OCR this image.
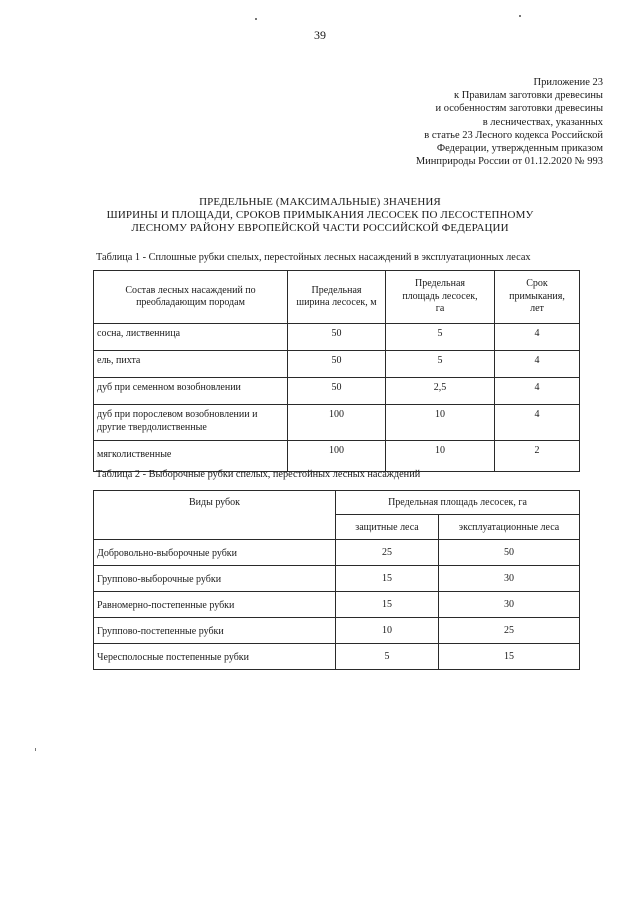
39
Приложение 23
к Правилам заготовки древесины
и особенностям заготовки древесины
в лесничествах, указанных
в статье 23 Лесного кодекса Российской
Федерации, утвержденным приказом
Минприроды России от 01.12.2020 № 993
ПРЕДЕЛЬНЫЕ (МАКСИМАЛЬНЫЕ) ЗНАЧЕНИЯ
ШИРИНЫ И ПЛОЩАДИ, СРОКОВ ПРИМЫКАНИЯ ЛЕСОСЕК ПО ЛЕСОСТЕПНОМУ
ЛЕСНОМУ РАЙОНУ ЕВРОПЕЙСКОЙ ЧАСТИ РОССИЙСКОЙ ФЕДЕРАЦИИ
Таблица 1 - Сплошные рубки спелых, перестойных лесных насаждений в эксплуатационных лесах
Состав лесных насаждений по преобладающим породам	Предельная ширина лесосек, м	Предельная площадь лесосек, га	Срок примыкания, лет
сосна, лиственница	50	5	4
ель, пихта	50	5	4
дуб при семенном возобновлении	50	2,5	4
дуб при порослевом возобновлении и другие твердолиственные	100	10	4
мягколиственные	100	10	2
Таблица 2 - Выборочные рубки спелых, перестойных лесных насаждений
Виды рубок	Предельная площадь лесосек, га	
	защитные леса	эксплуатационные леса
Добровольно-выборочные рубки	25	50
Группово-выборочные рубки	15	30
Равномерно-постепенные рубки	15	30
Группово-постепенные рубки	10	25
Чересполосные постепенные рубки	5	15
